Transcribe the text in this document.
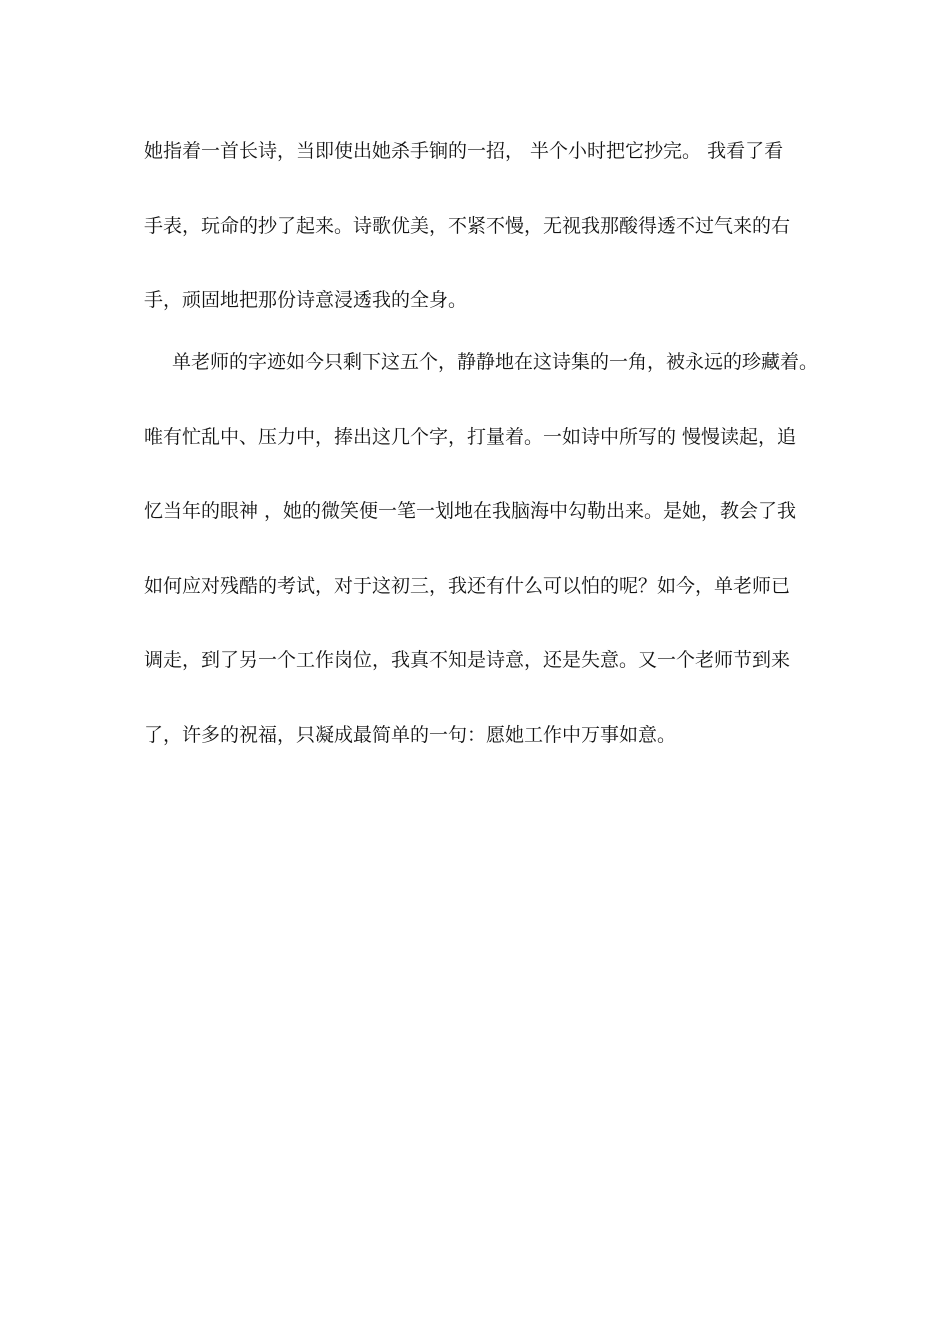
她指着一首长诗，当即使出她杀手锏的一招， 半个小时把它抄完。 我看了看
手表，玩命的抄了起来。诗歌优美，不紧不慢，无视我那酸得透不过气来的右
手，顽固地把那份诗意浸透我的全身。
单老师的字迹如今只剩下这五个，静静地在这诗集的一角，被永远的珍藏着。
唯有忙乱中、压力中，捧出这几个字，打量着。一如诗中所写的 慢慢读起，追
忆当年的眼神 ，她的微笑便一笔一划地在我脑海中勾勒出来。是她，教会了我
如何应对残酷的考试，对于这初三，我还有什么可以怕的呢？如今，单老师已
调走，到了另一个工作岗位，我真不知是诗意，还是失意。又一个老师节到来
了，许多的祝福，只凝成最简单的一句：愿她工作中万事如意。
